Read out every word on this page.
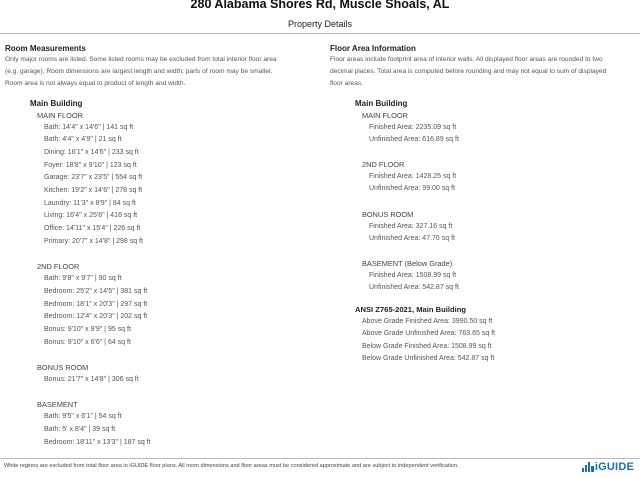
280 Alabama Shores Rd, Muscle Shoals, AL
Property Details
Room Measurements
Only major rooms are listed. Some listed rooms may be excluded from total interior floor area
(e.g. garage). Room dimensions are largest length and width; parts of room may be smaller.
Room area is not always equal to product of length and width.
Main Building
MAIN FLOOR
Bath: 14'4" x 14'6" | 141 sq ft
Bath: 4'4" x 4'9" | 21 sq ft
Dining: 16'1" x 14'6" | 233 sq ft
Foyer: 18'8" x 9'10" | 123 sq ft
Garage: 23'7" x 23'5" | 554 sq ft
Kitchen: 19'2" x 14'6" | 278 sq ft
Laundry: 11'3" x 8'9" | 84 sq ft
Living: 16'4" x 25'6" | 416 sq ft
Office: 14'11" x 15'4" | 226 sq ft
Primary: 20'7" x 14'8" | 298 sq ft
2ND FLOOR
Bath: 9'8" x 9'7" | 90 sq ft
Bedroom: 25'2" x 14'5" | 381 sq ft
Bedroom: 18'1" x 20'3" | 297 sq ft
Bedroom: 12'4" x 20'3" | 202 sq ft
Bonus: 9'10" x 9'9" | 95 sq ft
Bonus: 9'10" x 6'6" | 64 sq ft
BONUS ROOM
Bonus: 21'7" x 14'8" | 306 sq ft
BASEMENT
Bath: 9'5" x 6'1" | 54 sq ft
Bath: 5' x 8'4" | 39 sq ft
Bedroom: 18'11" x 13'3" | 187 sq ft
Floor Area Information
Floor areas include footprint area of interior walls. All displayed floor areas are rounded to two
decimal places. Total area is computed before rounding and may not equal to sum of displayed
floor areas.
Main Building
MAIN FLOOR
Finished Area: 2235.09 sq ft
Unfinished Area: 616.89 sq ft
2ND FLOOR
Finished Area: 1428.25 sq ft
Unfinished Area: 99.00 sq ft
BONUS ROOM
Finished Area: 327.16 sq ft
Unfinished Area: 47.76 sq ft
BASEMENT (Below Grade)
Finished Area: 1508.99 sq ft
Unfinished Area: 542.87 sq ft
ANSI Z765-2021, Main Building
Above Grade Finished Area: 3990.50 sq ft
Above Grade Unfinished Area: 763.65 sq ft
Below Grade Finished Area: 1508.99 sq ft
Below Grade Unfinished Area: 542.87 sq ft
White regions are excluded from total floor area in iGUIDE floor plans. All room dimensions and floor areas must be considered approximate and are subject to independent verification.	iGUIDE
